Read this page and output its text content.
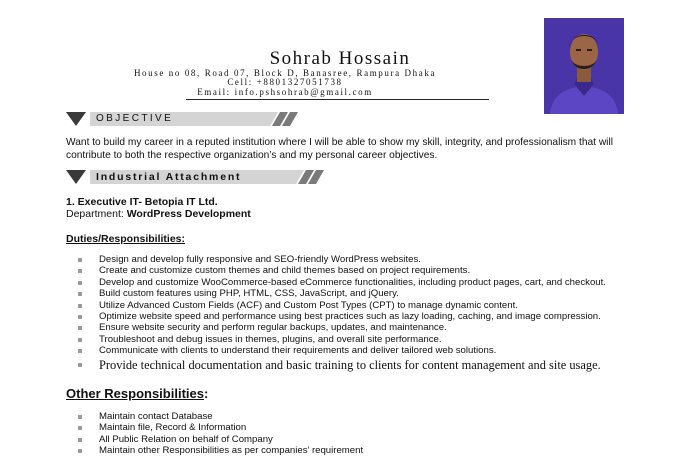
Sohrab Hossain

House no 08, Road 07, Block D, Banasree, Rampura Dhaka

Cell: +8801327051738

Email: info.pshsohrab@gmail.com

OBJECTIVE

Want to build my career in a reputed institution where I will be able to show my skill, integrity, and professionalism that will contribute to both the respective organization’s and my personal career objectives.

Industrial Attachment

1. Executive IT- Betopia IT Ltd.

Department: WordPress Development

Duties/Responsibilities:

Design and develop fully responsive and SEO-friendly WordPress websites.
Create and customize custom themes and child themes based on project requirements.
Develop and customize WooCommerce-based eCommerce functionalities, including product pages, cart, and checkout.
Build custom features using PHP, HTML, CSS, JavaScript, and jQuery.
Utilize Advanced Custom Fields (ACF) and Custom Post Types (CPT) to manage dynamic content.
Optimize website speed and performance using best practices such as lazy loading, caching, and image compression.
Ensure website security and perform regular backups, updates, and maintenance.
Troubleshoot and debug issues in themes, plugins, and overall site performance.
Communicate with clients to understand their requirements and deliver tailored web solutions.
Provide technical documentation and basic training to clients for content management and site usage.

Other Responsibilities:

Maintain contact Database
Maintain file, Record & Information
All Public Relation on behalf of Company
Maintain other Responsibilities as per companies’ requirement
